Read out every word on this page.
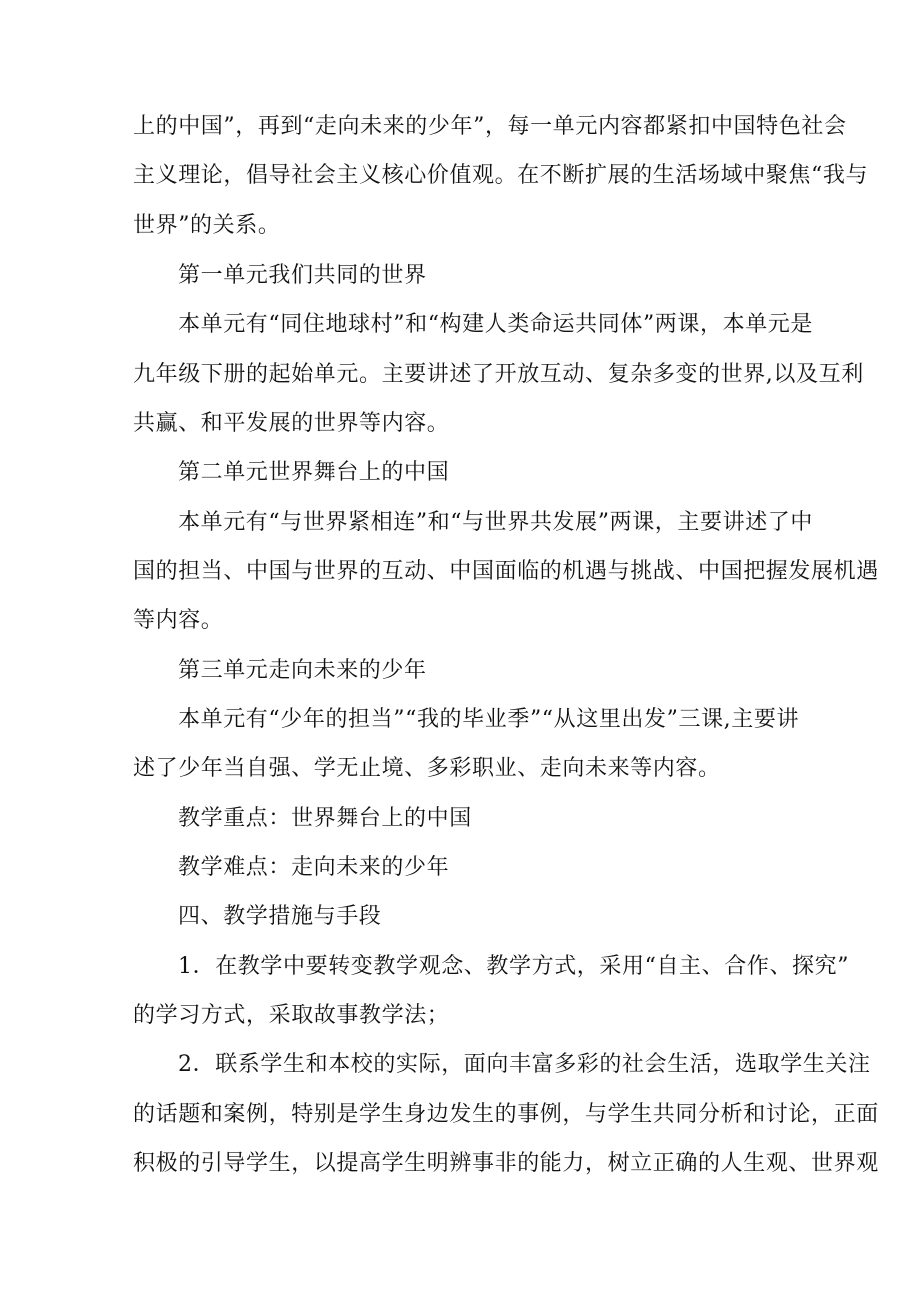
上的中国”，再到“走向未来的少年”，每一单元内容都紧扣中国特色社会
主义理论，倡导社会主义核心价值观。在不断扩展的生活场域中聚焦“我与
世界”的关系。
第一单元我们共同的世界
本单元有“同住地球村”和“构建人类命运共同体”两课，本单元是
九年级下册的起始单元。主要讲述了开放互动、复杂多变的世界,以及互利
共赢、和平发展的世界等内容。
第二单元世界舞台上的中国
本单元有“与世界紧相连”和“与世界共发展”两课，主要讲述了中
国的担当、中国与世界的互动、中国面临的机遇与挑战、中国把握发展机遇
等内容。
第三单元走向未来的少年
本单元有“少年的担当”“我的毕业季”“从这里出发”三课,主要讲
述了少年当自强、学无止境、多彩职业、走向未来等内容。
教学重点：世界舞台上的中国
教学难点：走向未来的少年
四、教学措施与手段
1．在教学中要转变教学观念、教学方式，采用“自主、合作、探究”
的学习方式，采取故事教学法；
2．联系学生和本校的实际，面向丰富多彩的社会生活，选取学生关注
的话题和案例，特别是学生身边发生的事例，与学生共同分析和讨论，正面
积极的引导学生，以提高学生明辨事非的能力，树立正确的人生观、世界观
